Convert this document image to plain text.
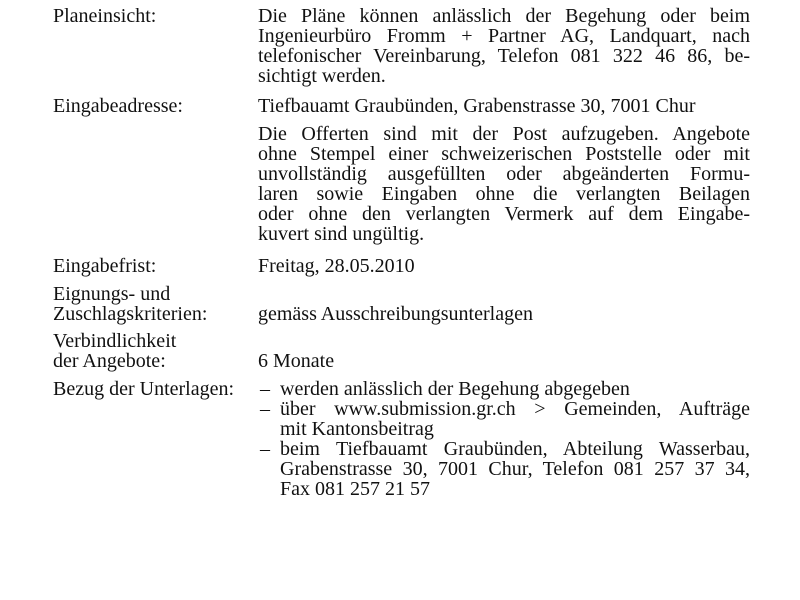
Planeinsicht:	Die Pläne können anlässlich der Begehung oder beim
Ingenieurbüro Fromm + Partner AG, Landquart, nach
telefonischer Vereinbarung, Telefon 081 322 46 86, be-
sichtigt werden.
Eingabeadresse:	Tiefbauamt Graubünden, Grabenstrasse 30, 7001 Chur
Die Offerten sind mit der Post aufzugeben. Angebote
ohne Stempel einer schweizerischen Poststelle oder mit
unvollständig ausgefüllten oder abgeänderten Formu-
laren sowie Eingaben ohne die verlangten Beilagen
oder ohne den verlangten Vermerk auf dem Eingabe-
kuvert sind ungültig.
Eingabefrist:	Freitag, 28.05.2010
Eignungs- und
Zuschlagskriterien:	gemäss Ausschreibungsunterlagen
Verbindlichkeit
der Angebote:	6 Monate
Bezug der Unterlagen:	– werden anlässlich der Begehung abgegeben
– über www.submission.gr.ch > Gemeinden, Aufträge
mit Kantonsbeitrag
– beim Tiefbauamt Graubünden, Abteilung Wasserbau,
Grabenstrasse 30, 7001 Chur, Telefon 081 257 37 34,
Fax 081 257 21 57
